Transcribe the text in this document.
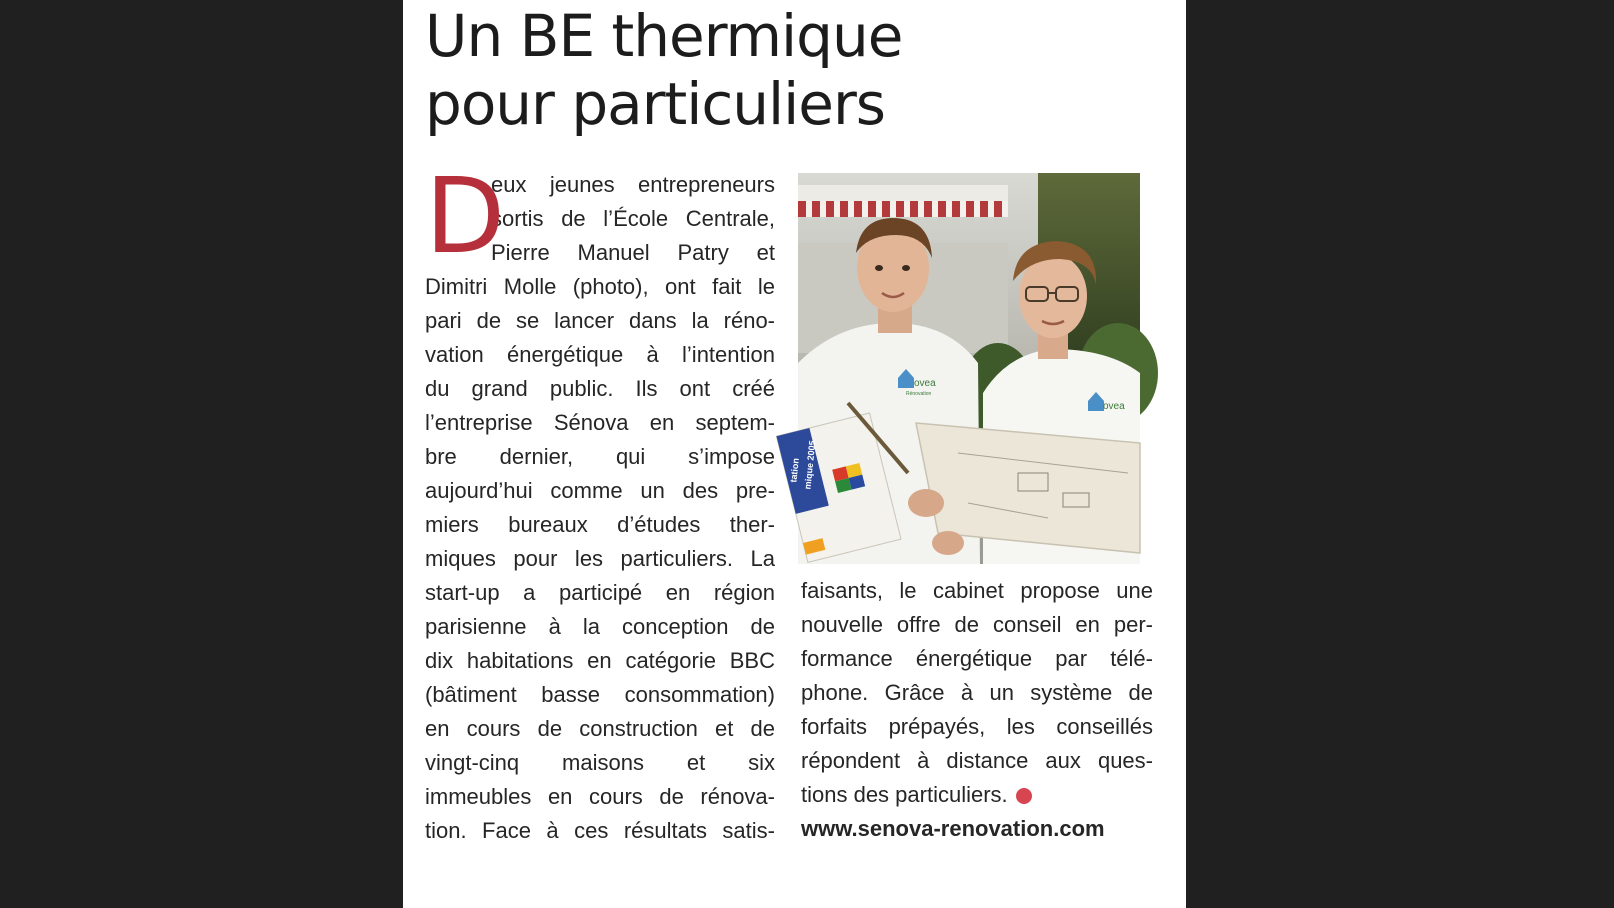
Un BE thermique
pour particuliers
D
eux jeunes entrepreneurs
sortis de l’École Centrale,
Pierre Manuel Patry et
Dimitri Molle (photo), ont fait le
pari de se lancer dans la réno-
vation énergétique à l’intention
du grand public. Ils ont créé
l’entreprise Sénova en septem-
bre dernier, qui s’impose
aujourd’hui comme un des pre-
miers bureaux d’études ther-
miques pour les particuliers. La
start-up a participé en région
parisienne à la conception de
dix habitations en catégorie BBC
(bâtiment basse consommation)
en cours de construction et de
vingt-cinq maisons et six
immeubles en cours de rénova-
tion. Face à ces résultats satis-
ovea
Rénovation
ovea
tation mique 2005
faisants, le cabinet propose une
nouvelle offre de conseil en per-
formance énergétique par télé-
phone. Grâce à un système de
forfaits prépayés, les conseillés
répondent à distance aux ques-
tions des particuliers.
www.senova-renovation.com
